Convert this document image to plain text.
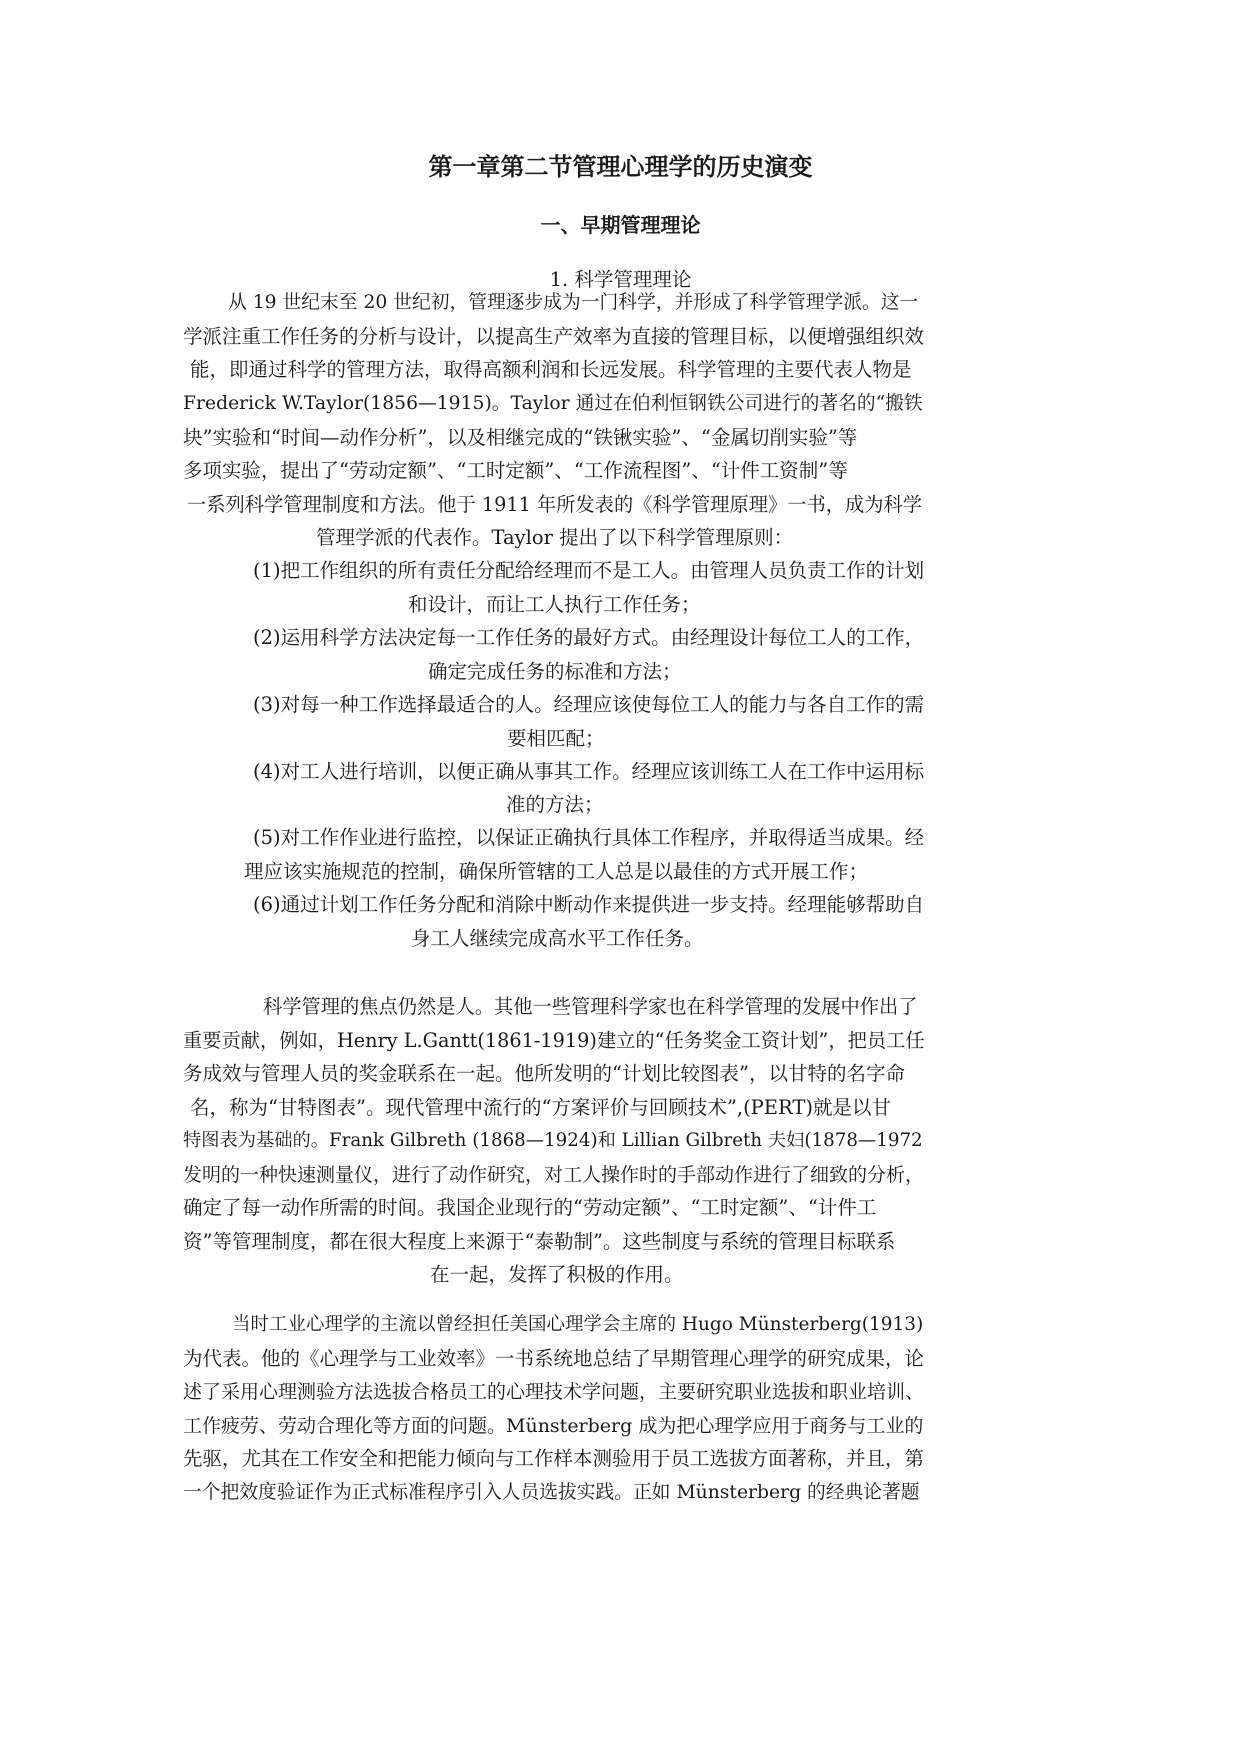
第一章第二节管理心理学的历史演变
一、早期管理理论
1. 科学管理理论
从 19 世纪末至 20 世纪初，管理逐步成为一门科学，并形成了科学管理学派。这一
学派注重工作任务的分析与设计，以提高生产效率为直接的管理目标，以便增强组织效
能，即通过科学的管理方法，取得高额利润和长远发展。科学管理的主要代表人物是
Frederick W.Taylor(1856—1915)。Taylor 通过在伯利恒钢铁公司进行的著名的“搬铁
块”实验和“时间—动作分析”，以及相继完成的“铁锹实验”、“金属切削实验”等
多项实验，提出了“劳动定额”、“工时定额”、“工作流程图”、“计件工资制”等
一系列科学管理制度和方法。他于 1911 年所发表的《科学管理原理》一书，成为科学
管理学派的代表作。Taylor 提出了以下科学管理原则：
(1)把工作组织的所有责任分配给经理而不是工人。由管理人员负责工作的计划
和设计，而让工人执行工作任务；
(2)运用科学方法决定每一工作任务的最好方式。由经理设计每位工人的工作，
确定完成任务的标准和方法；
(3)对每一种工作选择最适合的人。经理应该使每位工人的能力与各自工作的需
要相匹配；
(4)对工人进行培训，以便正确从事其工作。经理应该训练工人在工作中运用标
准的方法；
(5)对工作作业进行监控，以保证正确执行具体工作程序，并取得适当成果。经
理应该实施规范的控制，确保所管辖的工人总是以最佳的方式开展工作；
(6)通过计划工作任务分配和消除中断动作来提供进一步支持。经理能够帮助自
身工人继续完成高水平工作任务。
科学管理的焦点仍然是人。其他一些管理科学家也在科学管理的发展中作出了
重要贡献，例如，Henry L.Gantt(1861-1919)建立的“任务奖金工资计划”，把员工任
务成效与管理人员的奖金联系在一起。他所发明的“计划比较图表”，以甘特的名字命
名，称为“甘特图表”。现代管理中流行的“方案评价与回顾技术”,(PERT)就是以甘
特图表为基础的。Frank Gilbreth (1868—1924)和 Lillian Gilbreth 夫妇(1878—1972
发明的一种快速测量仪，进行了动作研究，对工人操作时的手部动作进行了细致的分析，
确定了每一动作所需的时间。我国企业现行的“劳动定额”、“工时定额”、“计件工
资”等管理制度，都在很大程度上来源于“泰勒制”。这些制度与系统的管理目标联系
在一起，发挥了积极的作用。
当时工业心理学的主流以曾经担任美国心理学会主席的 Hugo Münsterberg(1913)
为代表。他的《心理学与工业效率》一书系统地总结了早期管理心理学的研究成果，论
述了采用心理测验方法选拔合格员工的心理技术学问题，主要研究职业选拔和职业培训、
工作疲劳、劳动合理化等方面的问题。Münsterberg 成为把心理学应用于商务与工业的
先驱，尤其在工作安全和把能力倾向与工作样本测验用于员工选拔方面著称，并且，第
一个把效度验证作为正式标准程序引入人员选拔实践。正如 Münsterberg 的经典论著题
